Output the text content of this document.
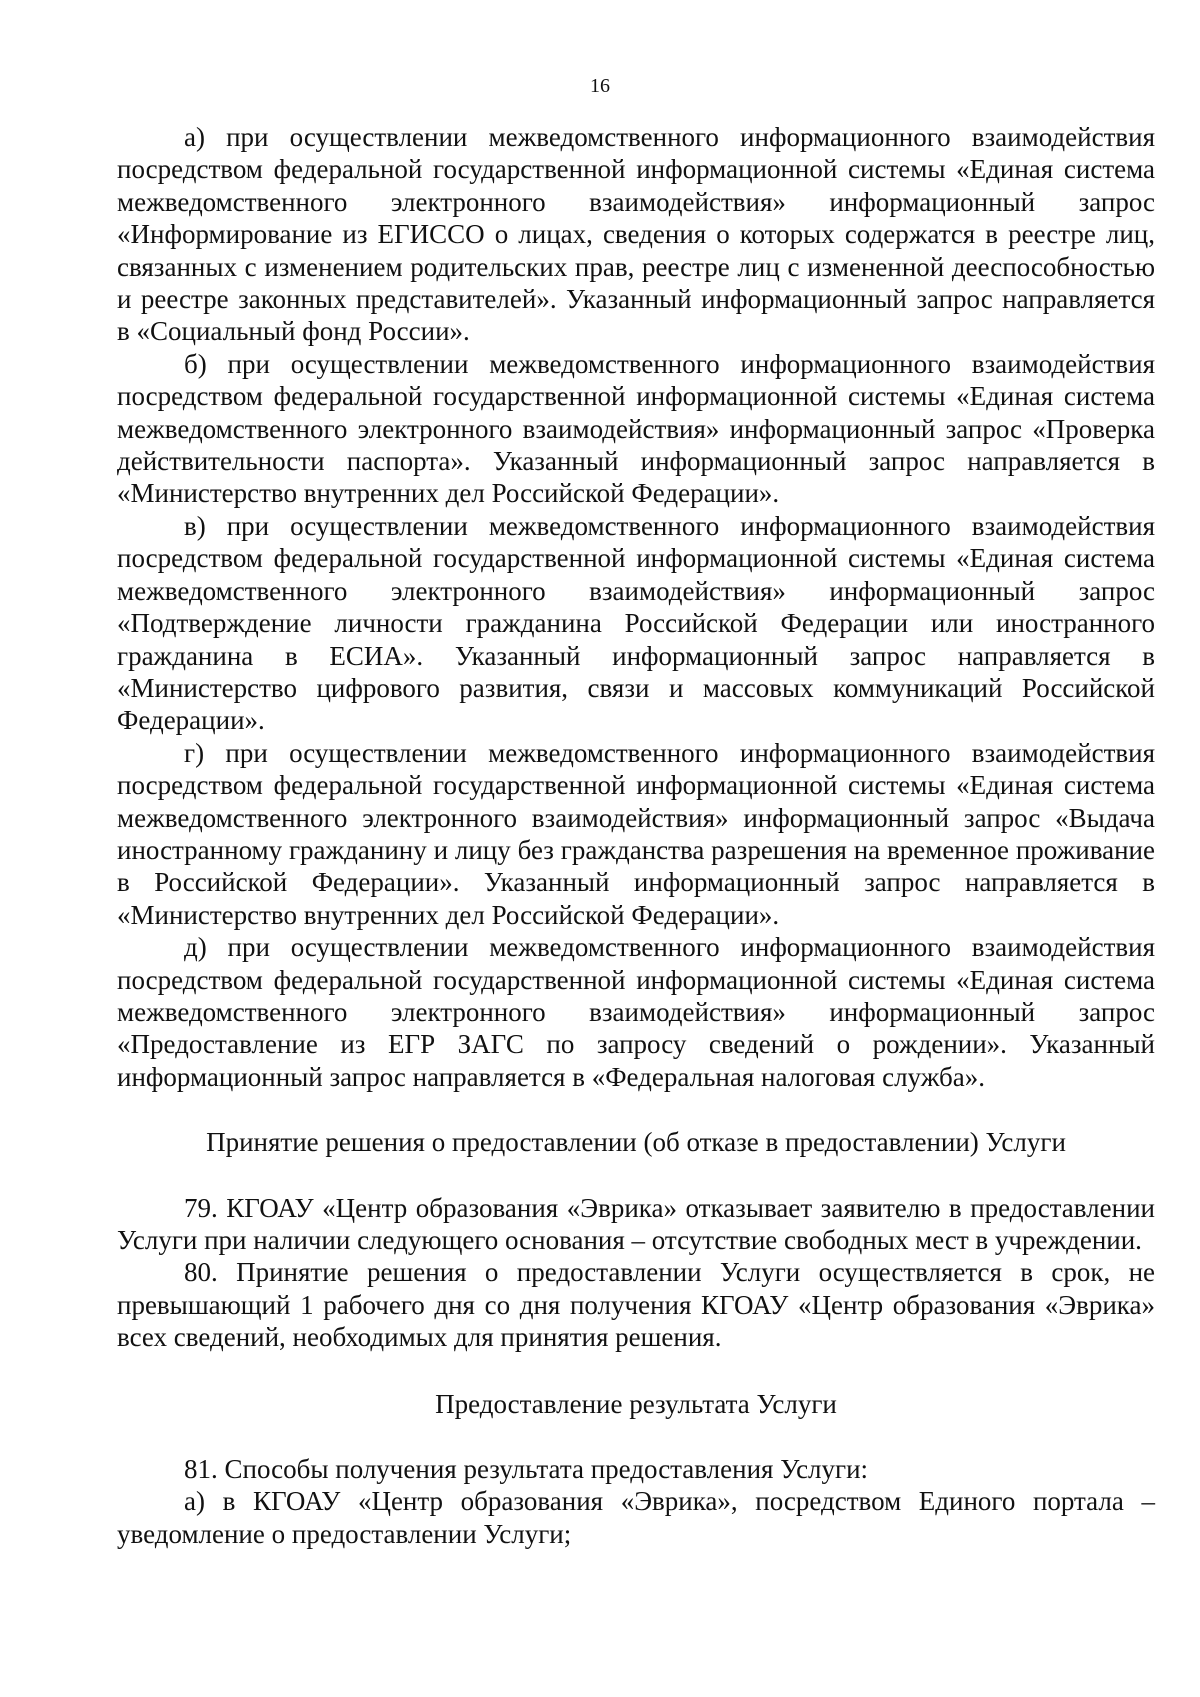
16

а) при осуществлении межведомственного информационного взаимодействия посредством федеральной государственной информационной системы «Единая система межведомственного электронного взаимодействия» информационный запрос «Информирование из ЕГИССО о лицах, сведения о которых содержатся в реестре лиц, связанных с изменением родительских прав, реестре лиц с измененной дееспособностью и реестре законных представителей». Указанный информационный запрос направляется в «Социальный фонд России».

б) при осуществлении межведомственного информационного взаимодействия посредством федеральной государственной информационной системы «Единая система межведомственного электронного взаимодействия» информационный запрос «Проверка действительности паспорта». Указанный информационный запрос направляется в «Министерство внутренних дел Российской Федерации».

в) при осуществлении межведомственного информационного взаимодействия посредством федеральной государственной информационной системы «Единая система межведомственного электронного взаимодействия» информационный запрос «Подтверждение личности гражданина Российской Федерации или иностранного гражданина в ЕСИА». Указанный информационный запрос направляется в «Министерство цифрового развития, связи и массовых коммуникаций Российской Федерации».

г) при осуществлении межведомственного информационного взаимодействия посредством федеральной государственной информационной системы «Единая система межведомственного электронного взаимодействия» информационный запрос «Выдача иностранному гражданину и лицу без гражданства разрешения на временное проживание в Российской Федерации». Указанный информационный запрос направляется в «Министерство внутренних дел Российской Федерации».

д) при осуществлении межведомственного информационного взаимодействия посредством федеральной государственной информационной системы «Единая система межведомственного электронного взаимодействия» информационный запрос «Предоставление из ЕГР ЗАГС по запросу сведений о рождении». Указанный информационный запрос направляется в «Федеральная налоговая служба».

Принятие решения о предоставлении (об отказе в предоставлении) Услуги

79. КГОАУ «Центр образования «Эврика» отказывает заявителю в предоставлении Услуги при наличии следующего основания – отсутствие свободных мест в учреждении.

80. Принятие решения о предоставлении Услуги осуществляется в срок, не превышающий 1 рабочего дня со дня получения КГОАУ «Центр образования «Эврика» всех сведений, необходимых для принятия решения.

Предоставление результата Услуги

81. Способы получения результата предоставления Услуги:

а) в КГОАУ «Центр образования «Эврика», посредством Единого портала – уведомление о предоставлении Услуги;
